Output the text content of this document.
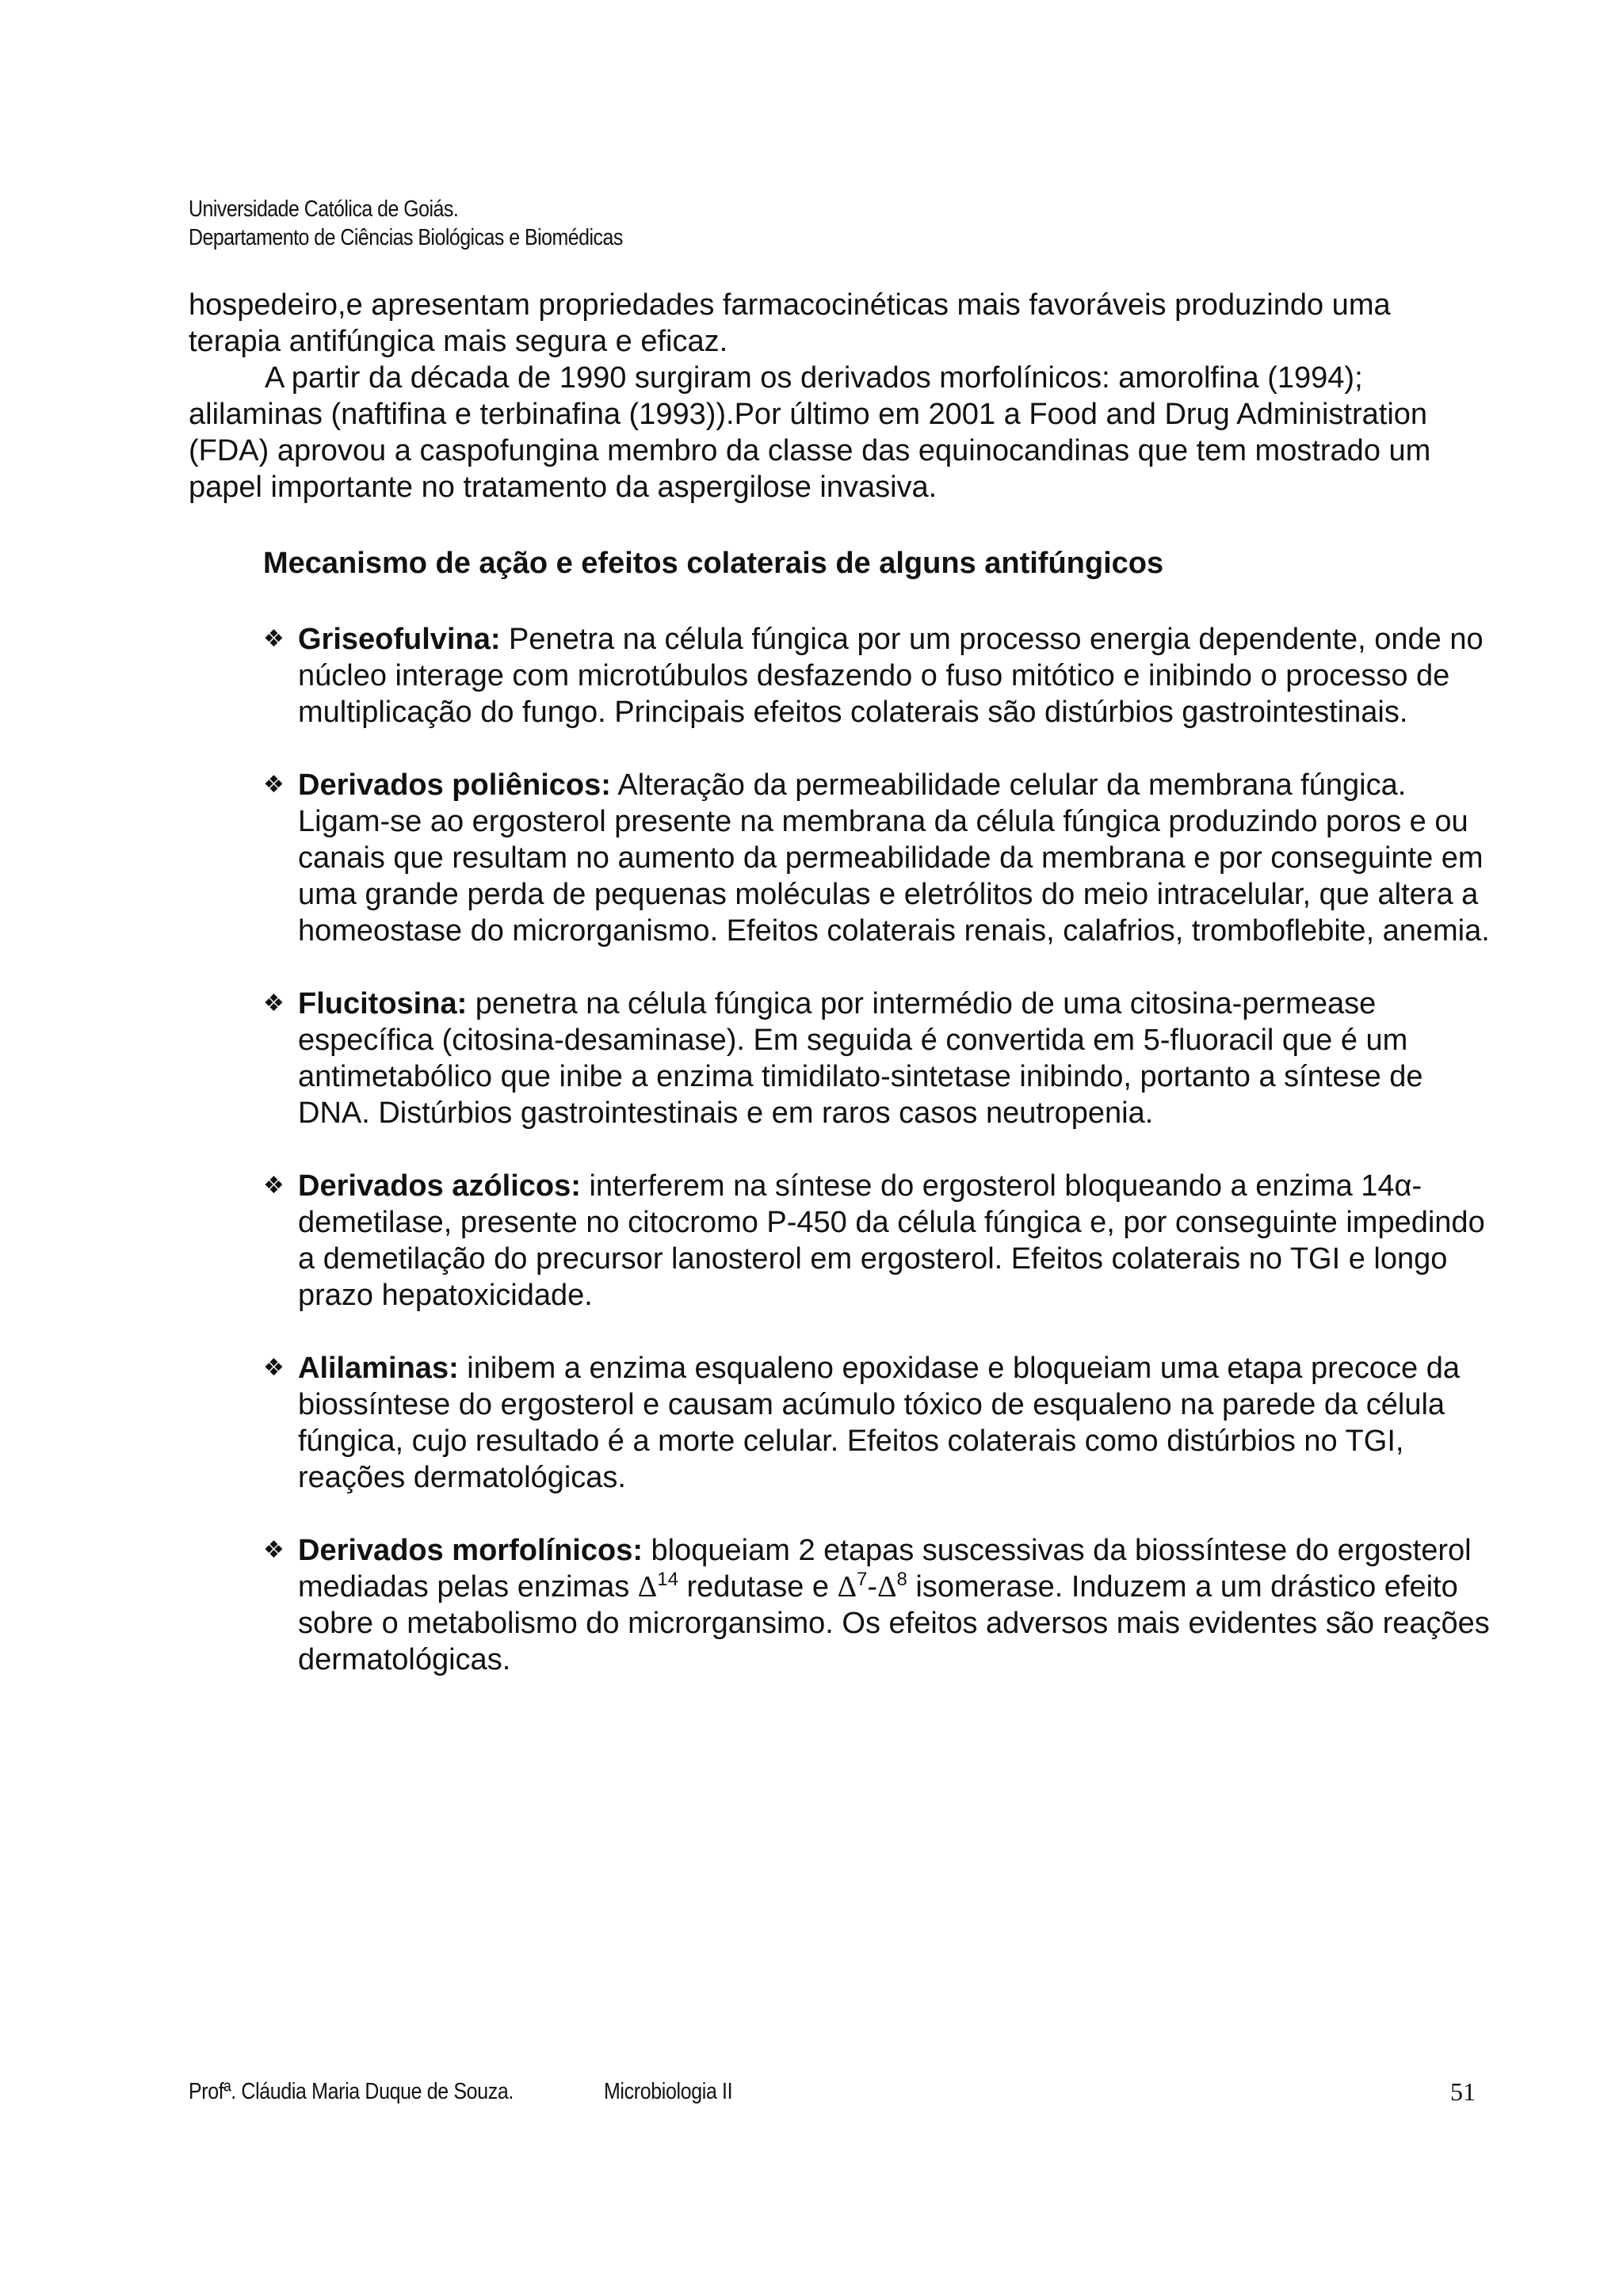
Universidade Católica de Goiás.
Departamento de Ciências Biológicas e Biomédicas

hospedeiro,e apresentam propriedades farmacocinéticas mais favoráveis produzindo uma terapia antifúngica mais segura e eficaz.

A partir da década de 1990 surgiram os derivados morfolínicos: amorolfina (1994); alilaminas (naftifina e terbinafina (1993)).Por último em 2001 a Food and Drug Administration (FDA) aprovou a caspofungina membro da classe das equinocandinas que tem mostrado um papel importante no tratamento da aspergilose invasiva.

Mecanismo de ação e efeitos colaterais de alguns antifúngicos
❖ Griseofulvina: Penetra na célula fúngica por um processo energia dependente, onde no núcleo interage com microtúbulos desfazendo o fuso mitótico e inibindo o processo de multiplicação do fungo. Principais efeitos colaterais são distúrbios gastrointestinais.
❖ Derivados poliênicos: Alteração da permeabilidade celular da membrana fúngica. Ligam-se ao ergosterol presente na membrana da célula fúngica produzindo poros e ou canais que resultam no aumento da permeabilidade da membrana e por conseguinte em uma grande perda de pequenas moléculas e eletrólitos do meio intracelular, que altera a homeostase do microrganismo. Efeitos colaterais renais, calafrios, tromboflebite, anemia.
❖ Flucitosina: penetra na célula fúngica por intermédio de uma citosina-permease específica (citosina-desaminase). Em seguida é convertida em 5-fluoracil que é um antimetabólico que inibe a enzima timidilato-sintetase inibindo, portanto a síntese de DNA. Distúrbios gastrointestinais e em raros casos neutropenia.
❖ Derivados azólicos: interferem na síntese do ergosterol bloqueando a enzima 14α-demetilase, presente no citocromo P-450 da célula fúngica e, por conseguinte impedindo a demetilação do precursor lanosterol em ergosterol. Efeitos colaterais no TGI e longo prazo hepatoxicidade.
❖ Alilaminas: inibem a enzima esqualeno epoxidase e bloqueiam uma etapa precoce da biossíntese do ergosterol e causam acúmulo tóxico de esqualeno na parede da célula fúngica, cujo resultado é a morte celular. Efeitos colaterais como distúrbios no TGI, reações dermatológicas.
❖ Derivados morfolínicos: bloqueiam 2 etapas suscessivas da biossíntese do ergosterol mediadas pelas enzimas $\Delta^{14}$ redutase e $\Delta^7-\Delta^8$ isomerase. Induzem a um drástico efeito sobre o metabolismo do microrgansimo. Os efeitos adversos mais evidentes são reações dermatológicas.
Profª. Cláudia Maria Duque de Souza.	Microbiologia II	51
